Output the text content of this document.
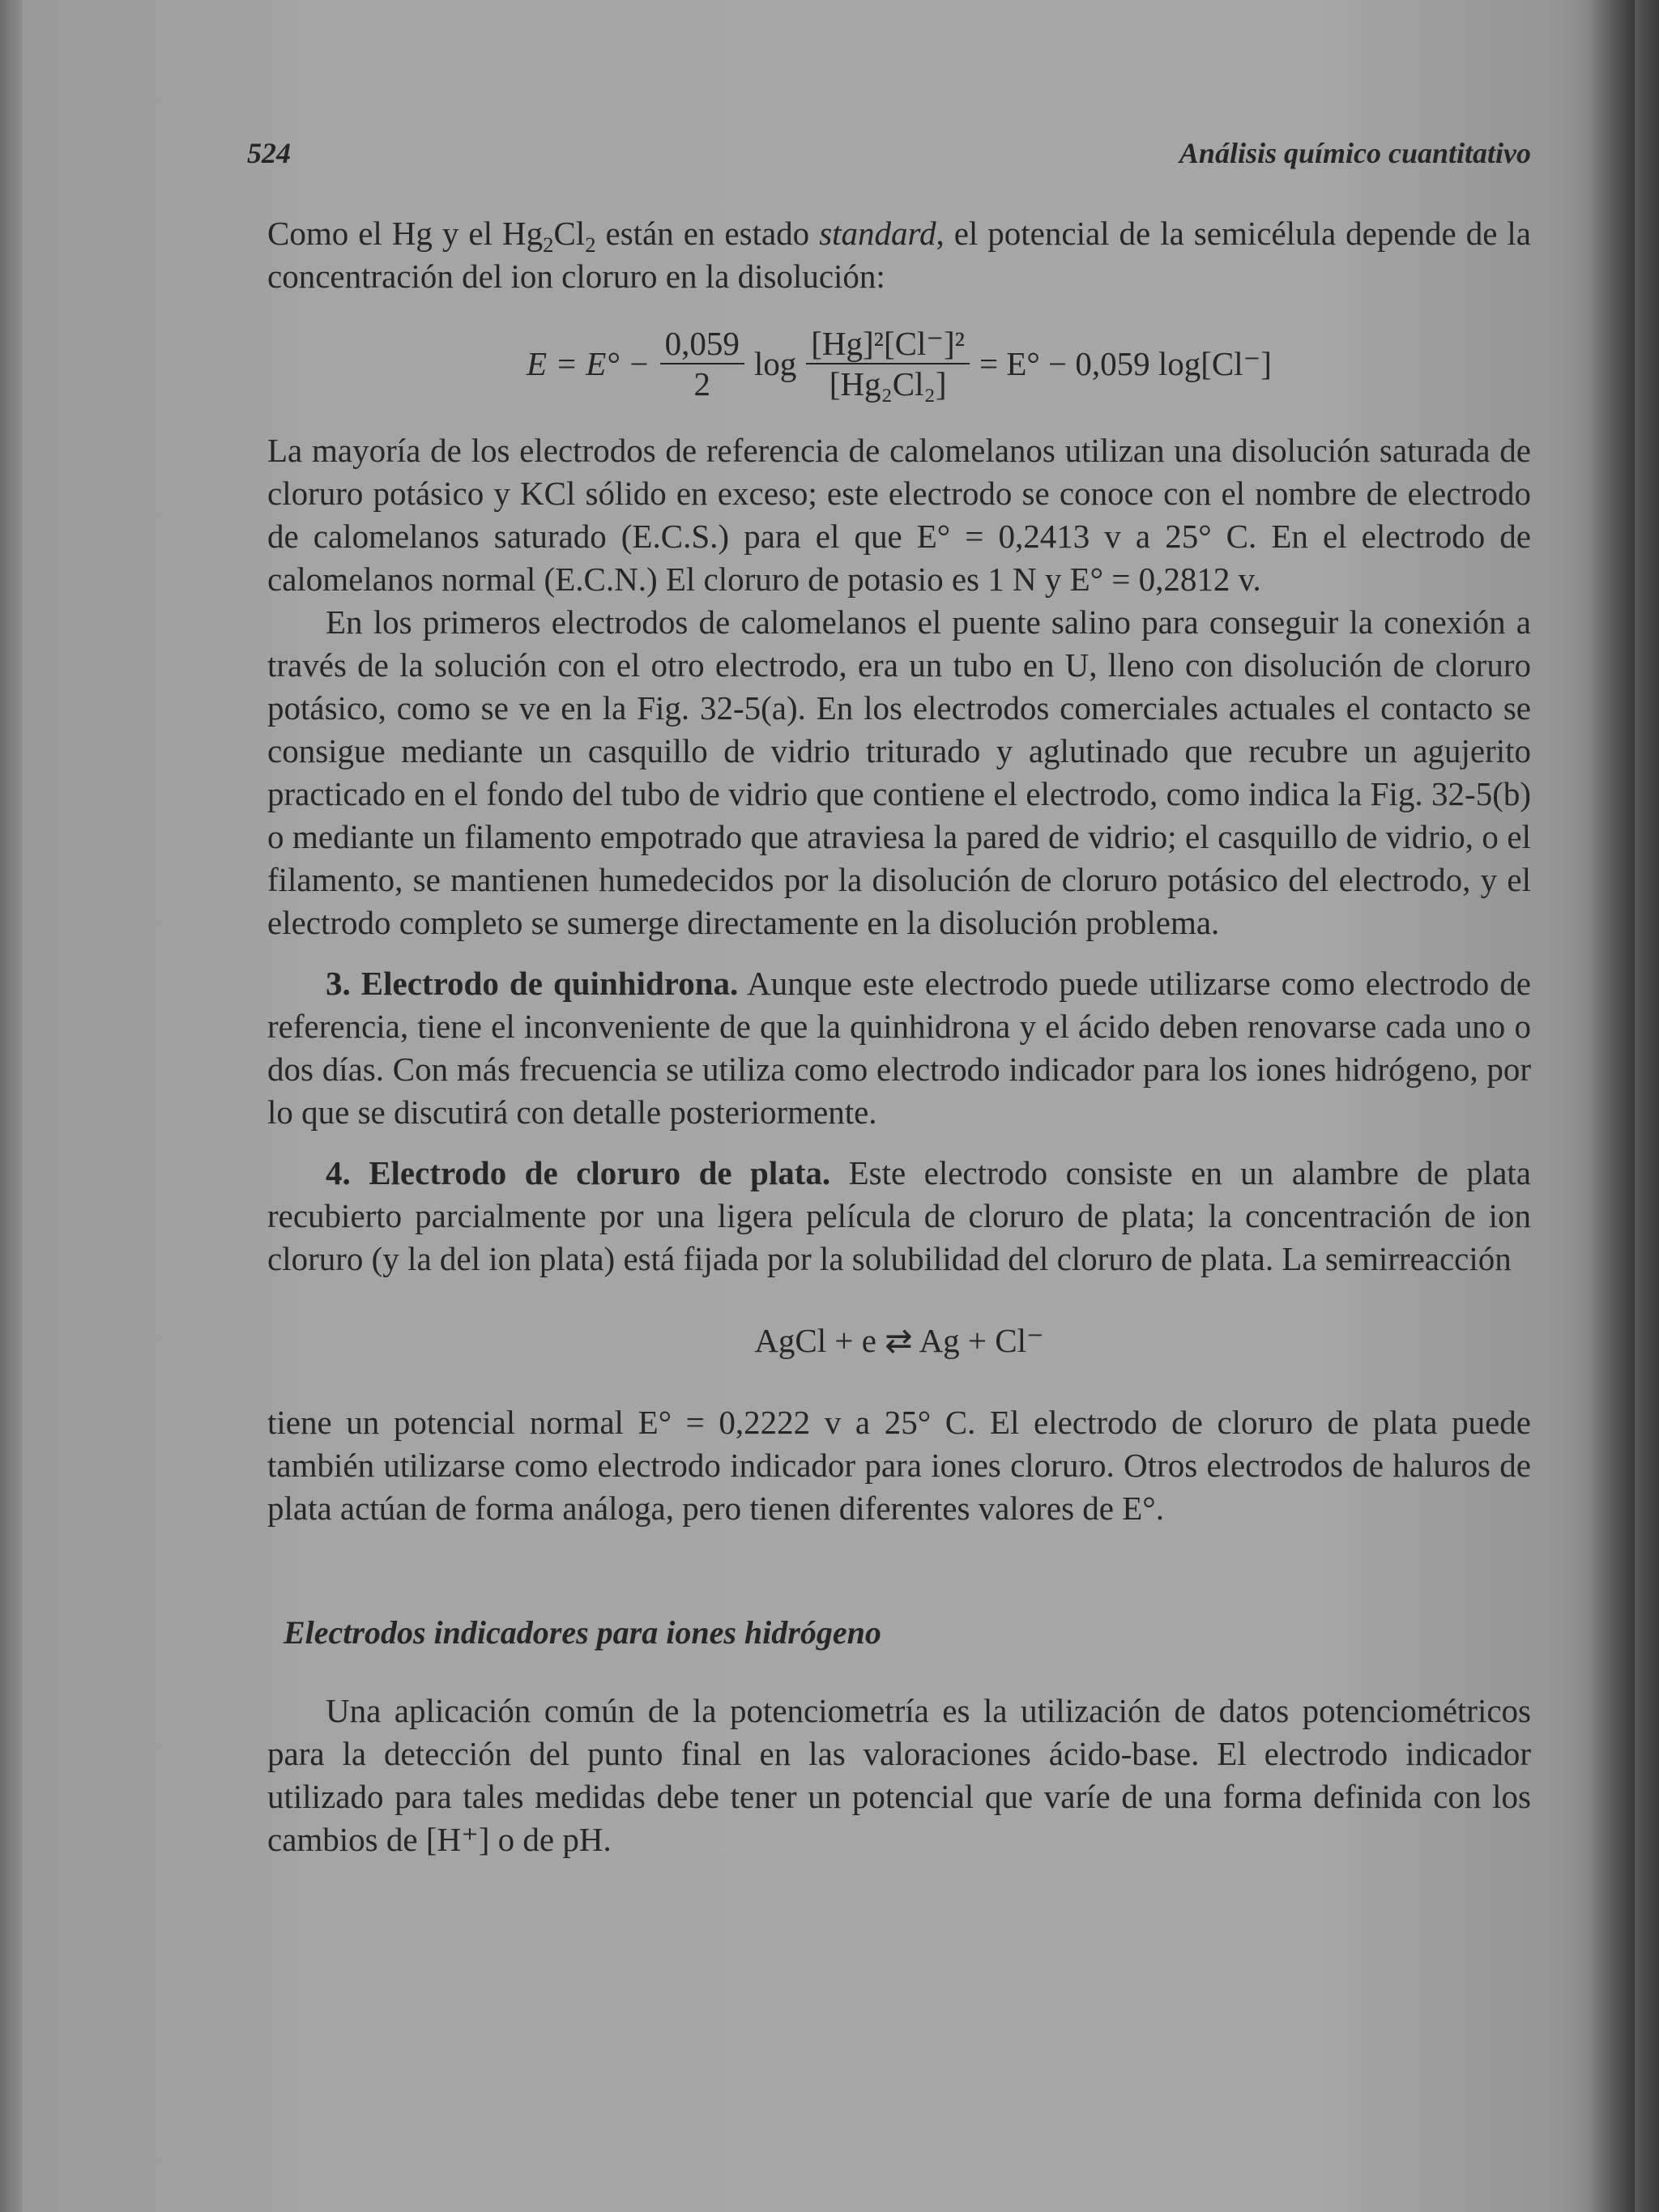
524	Análisis químico cuantitativo

Como el Hg y el $Hg_2Cl_2$ están en estado standard, el potencial de la semicélula depende de la concentración del ion cloruro en la disolución:

$E = E^\circ - \frac{0,059}{2}$ $\log \frac{\text{[Hg]²[Cl⁻]²}}{\text{[Hg₂Cl₂]}} = E^\circ - 0,059$ log[Cl⁻]

La mayoría de los electrodos de referencia de calomelanos utilizan una disolución saturada de cloruro potásico y KCl sólido en exceso; este electrodo se conoce con el nombre de electrodo de calomelanos saturado (E.C.S.) para el que E° = 0,2413 v a 25° C. En el electrodo de calomelanos normal (E.C.N.) El cloruro de potasio es 1 N y E° = 0,2812 v.

En los primeros electrodos de calomelanos el puente salino para conseguir la conexión a través de la solución con el otro electrodo, era un tubo en U, lleno con disolución de cloruro potásico, como se ve en la Fig. 32-5(a). En los electrodos comerciales actuales el contacto se consigue mediante un casquillo de vidrio triturado y aglutinado que recubre un agujerito practicado en el fondo del tubo de vidrio que contiene el electrodo, como indica la Fig. 32-5(b) o mediante un filamento empotrado que atraviesa la pared de vidrio; el casquillo de vidrio, o el filamento, se mantienen humedecidos por la disolución de cloruro potásico del electrodo, y el electrodo completo se sumerge directamente en la disolución problema.

3. Electrodo de quinhidrona. Aunque este electrodo puede utilizarse como electrodo de referencia, tiene el inconveniente de que la quinhidrona y el ácido deben renovarse cada uno o dos días. Con más frecuencia se utiliza como electrodo indicador para los iones hidrógeno, por lo que se discutirá con detalle posteriormente.

4. Electrodo de cloruro de plata. Este electrodo consiste en un alambre de plata recubierto parcialmente por una ligera película de cloruro de plata; la concentración de ion cloruro (y la del ion plata) está fijada por la solubilidad del cloruro de plata. La semirreacción

AgCl + e ⇄ Ag + Cl⁻

tiene un potencial normal E° = 0,2222 v a 25° C. El electrodo de cloruro de plata puede también utilizarse como electrodo indicador para iones cloruro. Otros electrodos de haluros de plata actúan de forma análoga, pero tienen diferentes valores de E°.

Electrodos indicadores para iones hidrógeno

Una aplicación común de la potenciometría es la utilización de datos potenciométricos para la detección del punto final en las valoraciones ácido-base. El electrodo indicador utilizado para tales medidas debe tener un potencial que varíe de una forma definida con los cambios de [H⁺] o de pH.
